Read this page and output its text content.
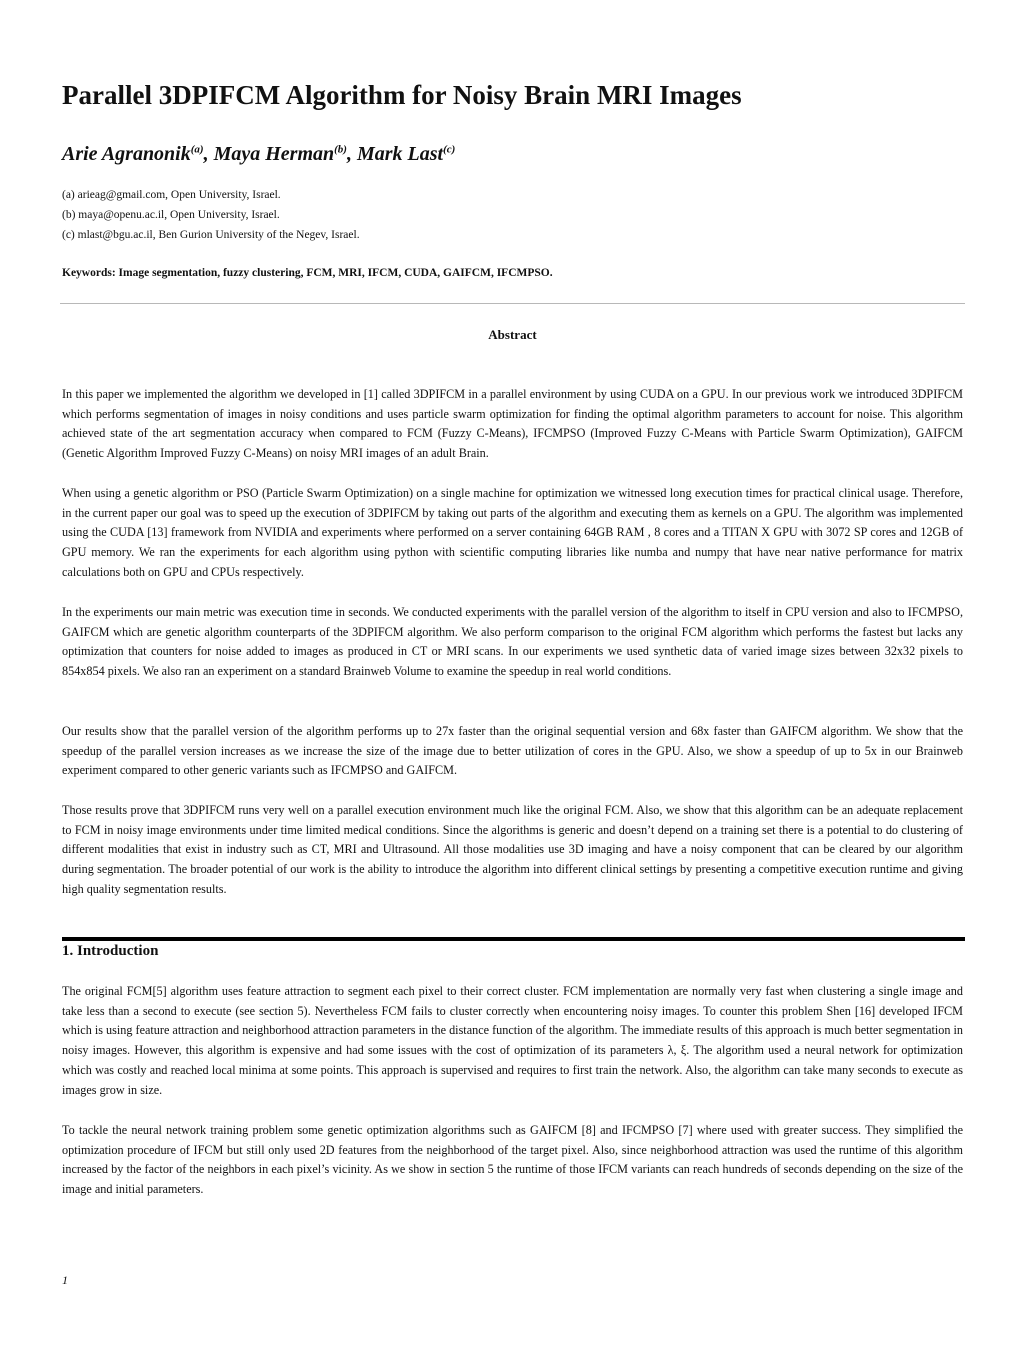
Parallel 3DPIFCM Algorithm for Noisy Brain MRI Images
Arie Agranonik$^{(a)}$, Maya Herman$^{(b)}$, Mark Last$^{(c)}$
(a) arieag@gmail.com, Open University, Israel.
(b) maya@openu.ac.il, Open University, Israel.
(c) mlast@bgu.ac.il, Ben Gurion University of the Negev, Israel.
Keywords: Image segmentation, fuzzy clustering, FCM, MRI, IFCM, CUDA, GAIFCM, IFCMPSO.
Abstract

In this paper we implemented the algorithm we developed in [1] called 3DPIFCM in a parallel environment by using CUDA on a GPU. In our previous work we introduced 3DPIFCM which performs segmentation of images in noisy conditions and uses particle swarm optimization for finding the optimal algorithm parameters to account for noise. This algorithm achieved state of the art segmentation accuracy when compared to FCM (Fuzzy C-Means), IFCMPSO (Improved Fuzzy C-Means with Particle Swarm Optimization), GAIFCM (Genetic Algorithm Improved Fuzzy C-Means) on noisy MRI images of an adult Brain.

When using a genetic algorithm or PSO (Particle Swarm Optimization) on a single machine for optimization we witnessed long execution times for practical clinical usage. Therefore, in the current paper our goal was to speed up the execution of 3DPIFCM by taking out parts of the algorithm and executing them as kernels on a GPU. The algorithm was implemented using the CUDA [13] framework from NVIDIA and experiments where performed on a server containing 64GB RAM , 8 cores and a TITAN X GPU with 3072 SP cores and 12GB of GPU memory. We ran the experiments for each algorithm using python with scientific computing libraries like numba and numpy that have near native performance for matrix calculations both on GPU and CPUs respectively.

In the experiments our main metric was execution time in seconds. We conducted experiments with the parallel version of the algorithm to itself in CPU version and also to IFCMPSO, GAIFCM which are genetic algorithm counterparts of the 3DPIFCM algorithm. We also perform comparison to the original FCM algorithm which performs the fastest but lacks any optimization that counters for noise added to images as produced in CT or MRI scans. In our experiments we used synthetic data of varied image sizes between 32x32 pixels to 854x854 pixels. We also ran an experiment on a standard Brainweb Volume to examine the speedup in real world conditions.

Our results show that the parallel version of the algorithm performs up to 27x faster than the original sequential version and 68x faster than GAIFCM algorithm. We show that the speedup of the parallel version increases as we increase the size of the image due to better utilization of cores in the GPU. Also, we show a speedup of up to 5x in our Brainweb experiment compared to other generic variants such as IFCMPSO and GAIFCM.

Those results prove that 3DPIFCM runs very well on a parallel execution environment much like the original FCM. Also, we show that this algorithm can be an adequate replacement to FCM in noisy image environments under time limited medical conditions. Since the algorithms is generic and doesn’t depend on a training set there is a potential to do clustering of different modalities that exist in industry such as CT, MRI and Ultrasound. All those modalities use 3D imaging and have a noisy component that can be cleared by our algorithm during segmentation. The broader potential of our work is the ability to introduce the algorithm into different clinical settings by presenting a competitive execution runtime and giving high quality segmentation results.

1. Introduction

The original FCM[5] algorithm uses feature attraction to segment each pixel to their correct cluster. FCM implementation are normally very fast when clustering a single image and take less than a second to execute (see section 5). Nevertheless FCM fails to cluster correctly when encountering noisy images. To counter this problem Shen [16] developed IFCM which is using feature attraction and neighborhood attraction parameters in the distance function of the algorithm. The immediate results of this approach is much better segmentation in noisy images. However, this algorithm is expensive and had some issues with the cost of optimization of its parameters λ, ξ. The algorithm used a neural network for optimization which was costly and reached local minima at some points. This approach is supervised and requires to first train the network. Also, the algorithm can take many seconds to execute as images grow in size.

To tackle the neural network training problem some genetic optimization algorithms such as GAIFCM [8] and IFCMPSO [7] where used with greater success. They simplified the optimization procedure of IFCM but still only used 2D features from the neighborhood of the target pixel. Also, since neighborhood attraction was used the runtime of this algorithm increased by the factor of the neighbors in each pixel’s vicinity. As we show in section 5 the runtime of those IFCM variants can reach hundreds of seconds depending on the size of the image and initial parameters.

1
